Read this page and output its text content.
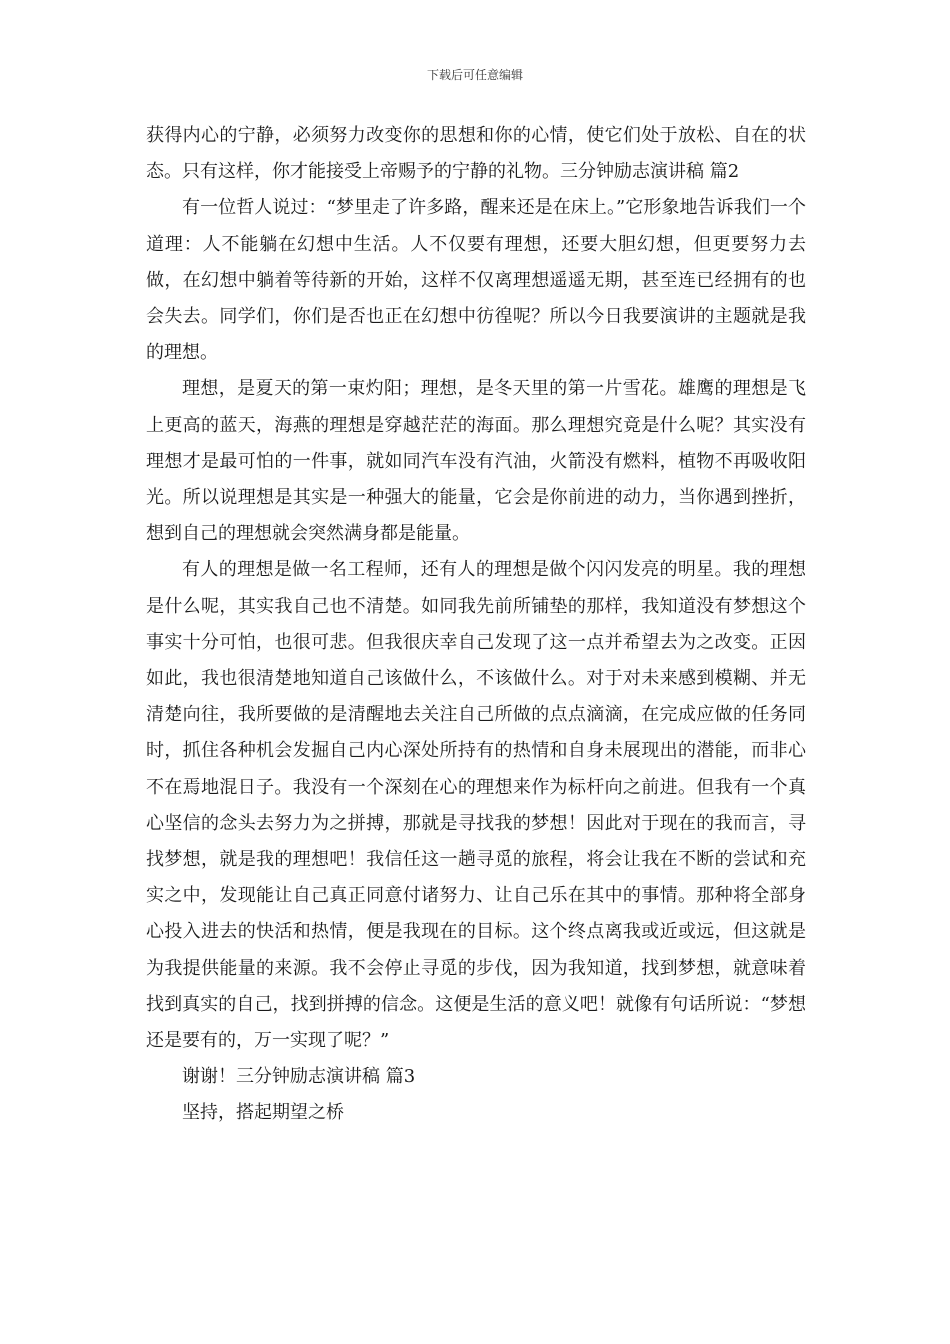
下载后可任意编辑

获得内心的宁静，必须努力改变你的思想和你的心情，使它们处于放松、自在的状态。只有这样，你才能接受上帝赐予的宁静的礼物。三分钟励志演讲稿 篇2

有一位哲人说过：“梦里走了许多路，醒来还是在床上。”它形象地告诉我们一个道理：人不能躺在幻想中生活。人不仅要有理想，还要大胆幻想，但更要努力去做，在幻想中躺着等待新的开始，这样不仅离理想遥遥无期，甚至连已经拥有的也会失去。同学们，你们是否也正在幻想中彷徨呢？所以今日我要演讲的主题就是我的理想。

理想，是夏天的第一束灼阳；理想，是冬天里的第一片雪花。雄鹰的理想是飞上更高的蓝天，海燕的理想是穿越茫茫的海面。那么理想究竟是什么呢？其实没有理想才是最可怕的一件事，就如同汽车没有汽油，火箭没有燃料，植物不再吸收阳光。所以说理想是其实是一种强大的能量，它会是你前进的动力，当你遇到挫折，想到自己的理想就会突然满身都是能量。

有人的理想是做一名工程师，还有人的理想是做个闪闪发亮的明星。我的理想是什么呢，其实我自己也不清楚。如同我先前所铺垫的那样，我知道没有梦想这个事实十分可怕，也很可悲。但我很庆幸自己发现了这一点并希望去为之改变。正因如此，我也很清楚地知道自己该做什么，不该做什么。对于对未来感到模糊、并无清楚向往，我所要做的是清醒地去关注自己所做的点点滴滴，在完成应做的任务同时，抓住各种机会发掘自己内心深处所持有的热情和自身未展现出的潜能，而非心不在焉地混日子。我没有一个深刻在心的理想来作为标杆向之前进。但我有一个真心坚信的念头去努力为之拼搏，那就是寻找我的梦想！因此对于现在的我而言，寻找梦想，就是我的理想吧！我信任这一趟寻觅的旅程，将会让我在不断的尝试和充实之中，发现能让自己真正同意付诸努力、让自己乐在其中的事情。那种将全部身心投入进去的快活和热情，便是我现在的目标。这个终点离我或近或远，但这就是为我提供能量的来源。我不会停止寻觅的步伐，因为我知道，找到梦想，就意味着找到真实的自己，找到拼搏的信念。这便是生活的意义吧！就像有句话所说：“梦想还是要有的，万一实现了呢？”

谢谢！三分钟励志演讲稿 篇3

坚持，搭起期望之桥
